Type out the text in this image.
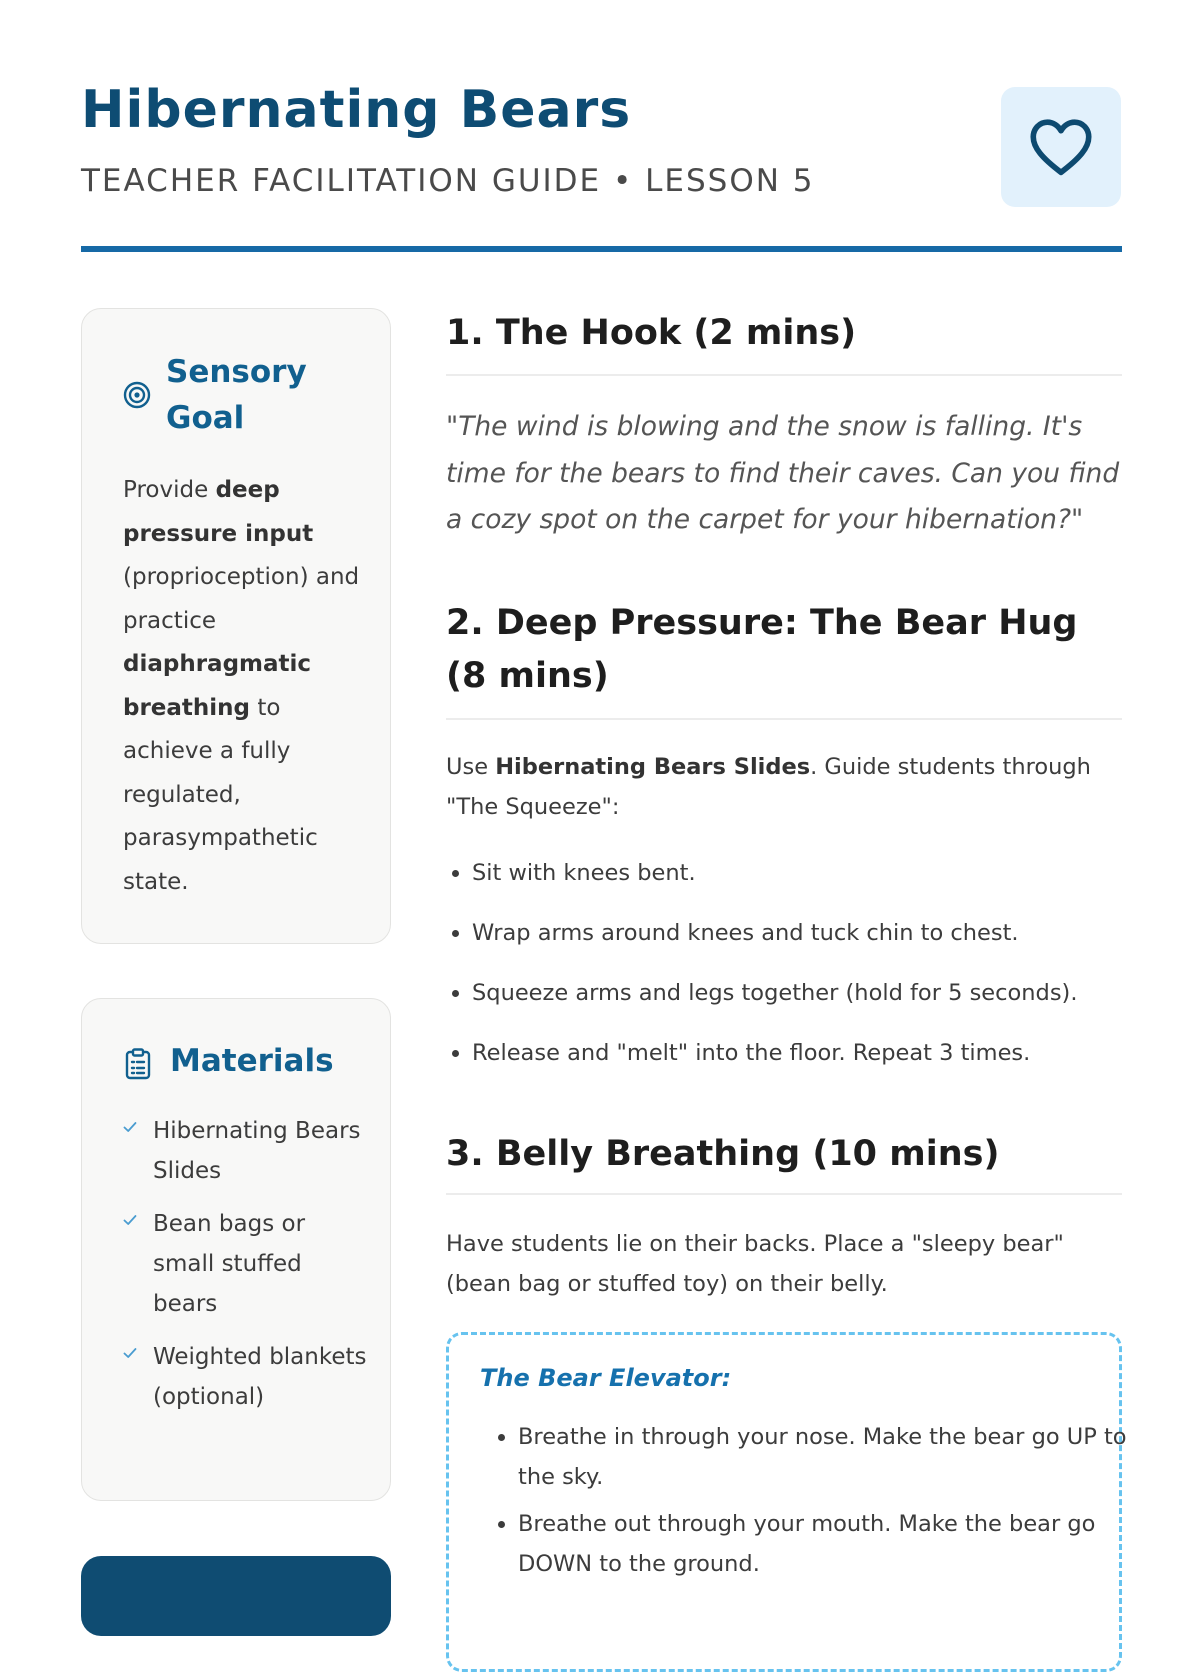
Hibernating Bears
TEACHER FACILITATION GUIDE • LESSON 5
Sensory Goal
Provide deep pressure input (proprioception) and practice diaphragmatic breathing to achieve a fully regulated, parasympathetic state.
Materials
Hibernating Bears Slides
Bean bags or small stuffed bears
Weighted blankets (optional)
1. The Hook (2 mins)
"The wind is blowing and the snow is falling. It's time for the bears to find their caves. Can you find a cozy spot on the carpet for your hibernation?"
2. Deep Pressure: The Bear Hug (8 mins)
Use Hibernating Bears Slides. Guide students through "The Squeeze":
• Sit with knees bent.
• Wrap arms around knees and tuck chin to chest.
• Squeeze arms and legs together (hold for 5 seconds).
• Release and "melt" into the floor. Repeat 3 times.
3. Belly Breathing (10 mins)
Have students lie on their backs. Place a "sleepy bear" (bean bag or stuffed toy) on their belly.
The Bear Elevator:
• Breathe in through your nose. Make the bear go UP to the sky.
• Breathe out through your mouth. Make the bear go DOWN to the ground.
